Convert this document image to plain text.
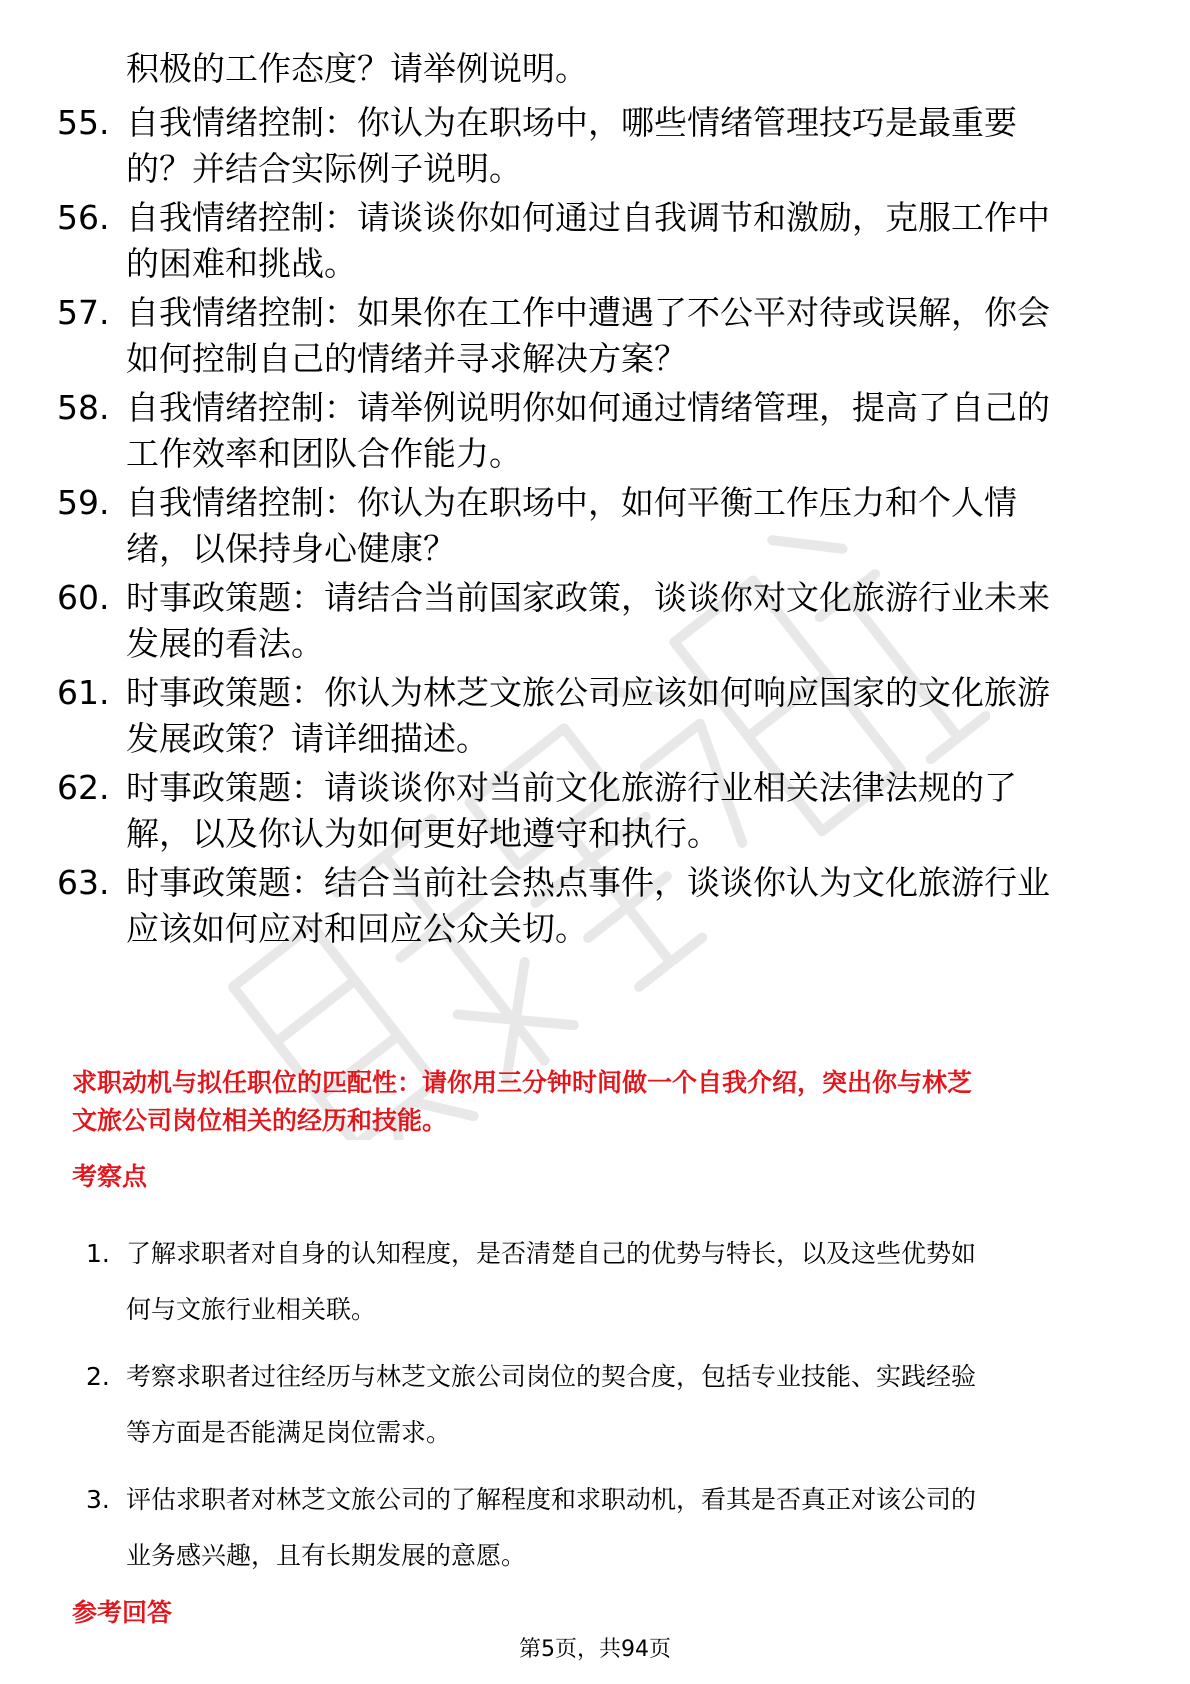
积极的工作态度？请举例说明。
55. 自我情绪控制：你认为在职场中，哪些情绪管理技巧是最重要
的？并结合实际例子说明。
56. 自我情绪控制：请谈谈你如何通过自我调节和激励，克服工作中
的困难和挑战。
57. 自我情绪控制：如果你在工作中遭遇了不公平对待或误解，你会
如何控制自己的情绪并寻求解决方案？
58. 自我情绪控制：请举例说明你如何通过情绪管理，提高了自己的
工作效率和团队合作能力。
59. 自我情绪控制：你认为在职场中，如何平衡工作压力和个人情
绪，以保持身心健康？
60. 时事政策题：请结合当前国家政策，谈谈你对文化旅游行业未来
发展的看法。
61. 时事政策题：你认为林芝文旅公司应该如何响应国家的文化旅游
发展政策？请详细描述。
62. 时事政策题：请谈谈你对当前文化旅游行业相关法律法规的了
解，以及你认为如何更好地遵守和执行。
63. 时事政策题：结合当前社会热点事件，谈谈你认为文化旅游行业
应该如何应对和回应公众关切。
求职动机与拟任职位的匹配性：请你用三分钟时间做一个自我介绍，突出你与林芝
文旅公司岗位相关的经历和技能。
考察点
1. 了解求职者对自身的认知程度，是否清楚自己的优势与特长，以及这些优势如
何与文旅行业相关联。
2. 考察求职者过往经历与林芝文旅公司岗位的契合度，包括专业技能、实践经验
等方面是否能满足岗位需求。
3. 评估求职者对林芝文旅公司的了解程度和求职动机，看其是否真正对该公司的
业务感兴趣，且有长期发展的意愿。
参考回答
第5页，共94页
